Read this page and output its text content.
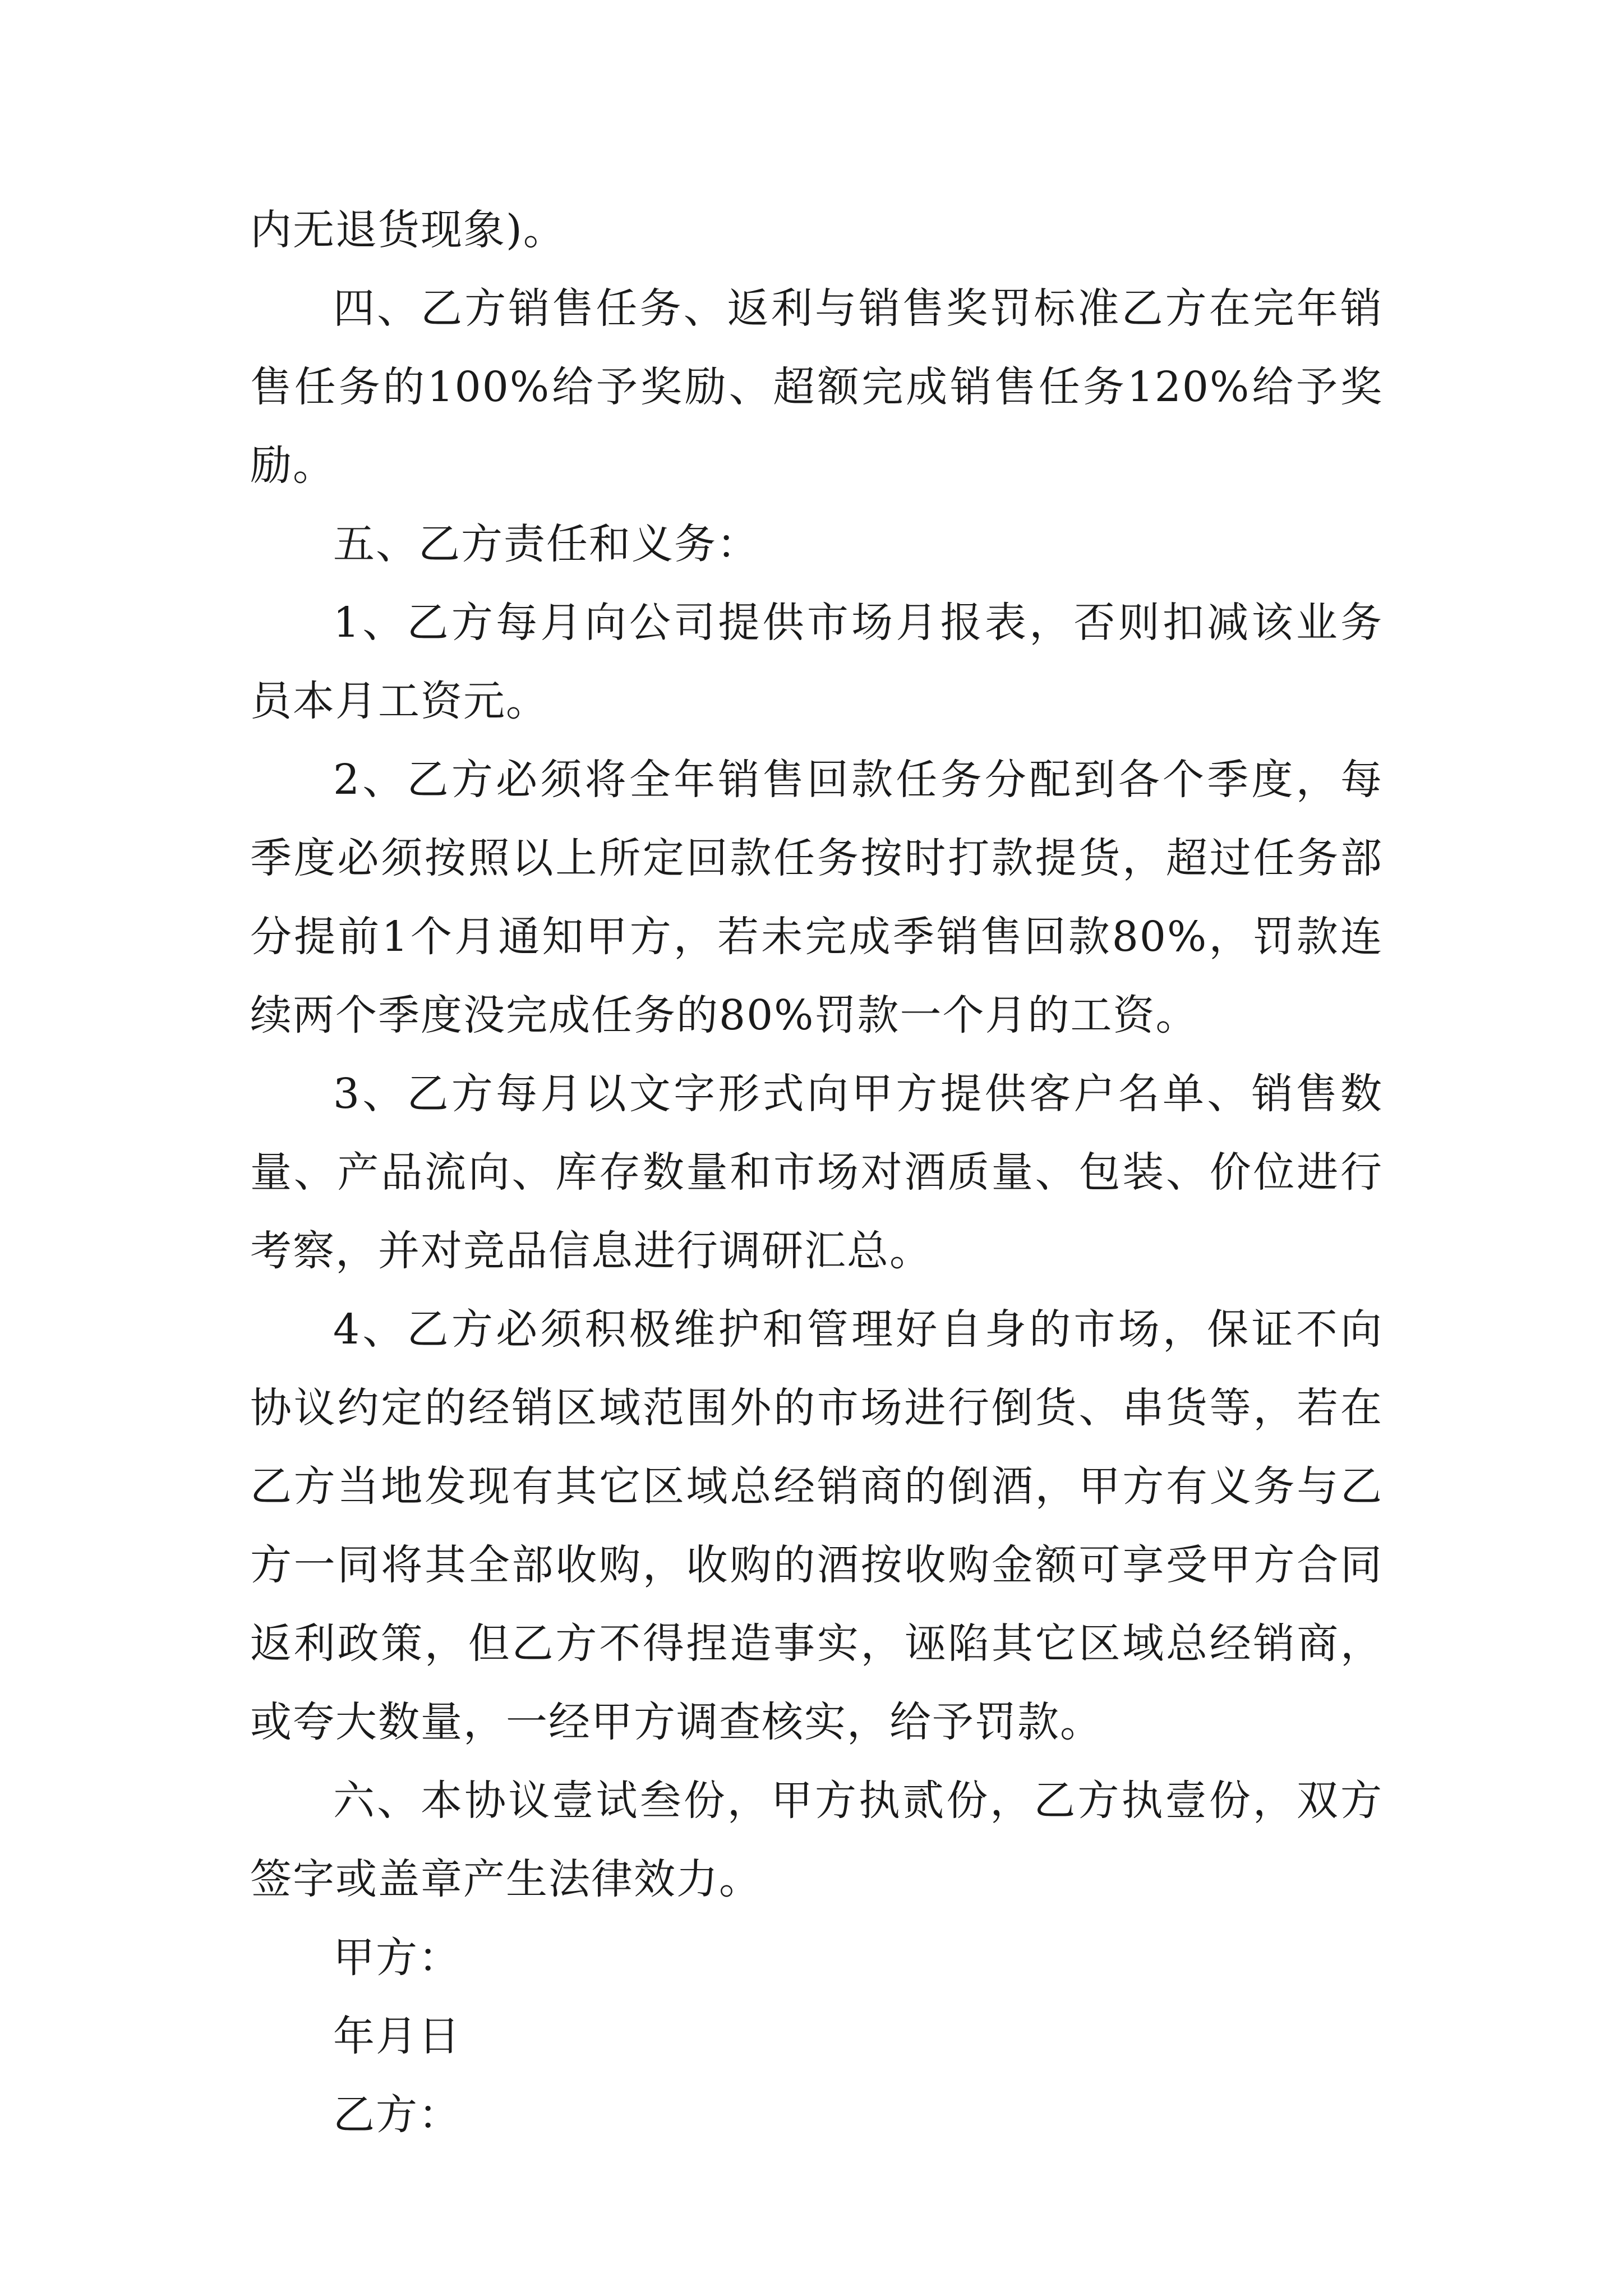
内无退货现象)。

四、乙方销售任务、返利与销售奖罚标准乙方在完年销售任务的100%给予奖励、超额完成销售任务120%给予奖励。

五、乙方责任和义务：

1、乙方每月向公司提供市场月报表，否则扣减该业务员本月工资元。

2、乙方必须将全年销售回款任务分配到各个季度，每季度必须按照以上所定回款任务按时打款提货，超过任务部分提前1个月通知甲方，若未完成季销售回款80%，罚款连续两个季度没完成任务的80%罚款一个月的工资。

3、乙方每月以文字形式向甲方提供客户名单、销售数量、产品流向、库存数量和市场对酒质量、包装、价位进行考察，并对竞品信息进行调研汇总。

4、乙方必须积极维护和管理好自身的市场，保证不向协议约定的经销区域范围外的市场进行倒货、串货等，若在乙方当地发现有其它区域总经销商的倒酒，甲方有义务与乙方一同将其全部收购，收购的酒按收购金额可享受甲方合同返利政策，但乙方不得捏造事实，诬陷其它区域总经销商，或夸大数量，一经甲方调查核实，给予罚款。

六、本协议壹试叁份，甲方执贰份，乙方执壹份，双方签字或盖章产生法律效力。

甲方：

年月日

乙方：
